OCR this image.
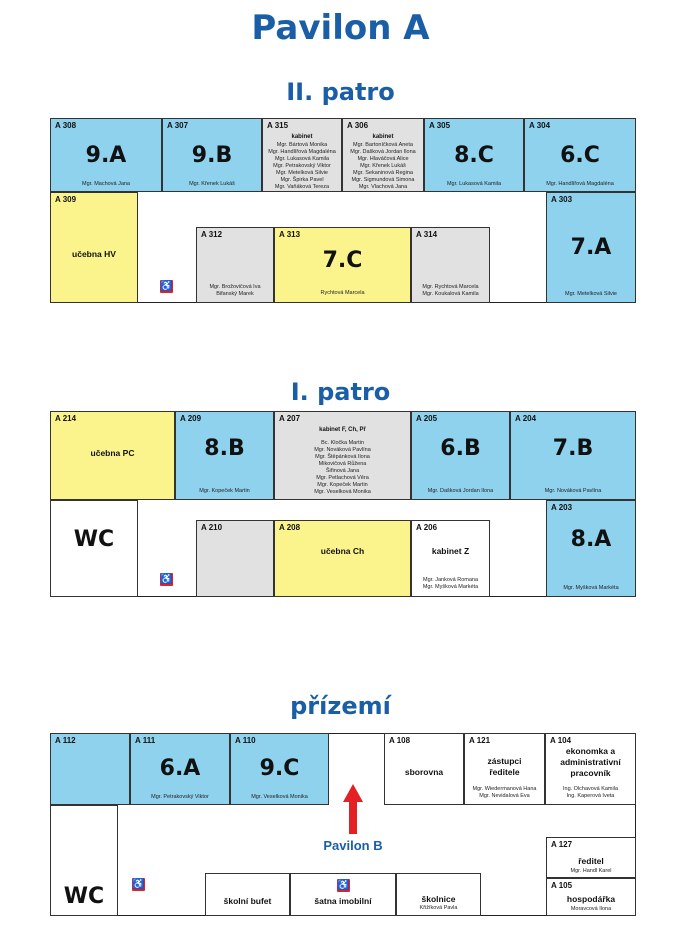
Pavilon A
II. patro
I. patro
přízemí
A 308
9.A
Mgr. Machová Jana
A 307
9.B
Mgr. Křenek Lukáš
A 315
kabinet
Mgr. Bártová Monika
Mgr. Handlířová Magdaléna
Mgr. Lukasová Kamila
Mgr. Petrakovský Viktor
Mgr. Metelková Silvie
Mgr. Špirka Pavel
Mgr. Vaňáková Tereza
A 306
kabinet
Mgr. Bartoníčková Aneta
Mgr. Dašková Jordan Ilona
Mgr. Hlaváčová Alice
Mgr. Křenek Lukáš
Mgr. Sekaninová Regina
Mgr. Sigmundová Simona
Mgr. Vlachová Jana
A 305
8.C
Mgr. Lukasová Kamila
A 304
6.C
Mgr. Handlířová Magdaléna
A 309
učebna HV
♿
A 312
Mgr. Brožovičová Iva
Bifanský Marek
A 313
7.C
Rychtová Marcela
A 314
Mgr. Rychtová Marcela
Mgr. Koukalová Kamila
A 303
7.A
Mgr. Metelková Silvie
A 214
učebna PC
A 209
8.B
Mgr. Kopeček Martin
A 207
kabinet F, Ch, Př
Bc. Kločka Martin
Mgr. Nováková Pavlína
Mgr. Štěpánková Ilona
Mikovičová Růžena
Šiřinová Jana
Mgr. Petlachová Věra
Mgr. Kopeček Martin
Mgr. Veselková Monika
A 205
6.B
Mgr. Dašková Jordan Ilona
A 204
7.B
Mgr. Nováková Pavlína
WC
♿
A 210	A 208
učebna Ch
A 206
kabinet Z
Mgr. Janková Romana
Mgr. Myšková Markéta
A 203
8.A
Mgr. Myšková Markéta
A 112	A 111
6.A
Mgr. Petrakovský Viktor
A 110
9.C
Mgr. Veselková Monika
A 108
sborovna
A 121
zástupci ředitele
Mgr. Wiedermanová Hana
Mgr. Nevidalová Eva
A 104
ekonomka a administrativní pracovník
Ing. Olchavová Kamila
Ing. Kaperová Iveta
Pavilon B
WC	♿
školní bufet
♿
šatna imobilní	školnice
Křižíková Pavla
A 127
ředitel
Mgr. Handl Karel
A 105
hospodářka
Moravcová Ilona
